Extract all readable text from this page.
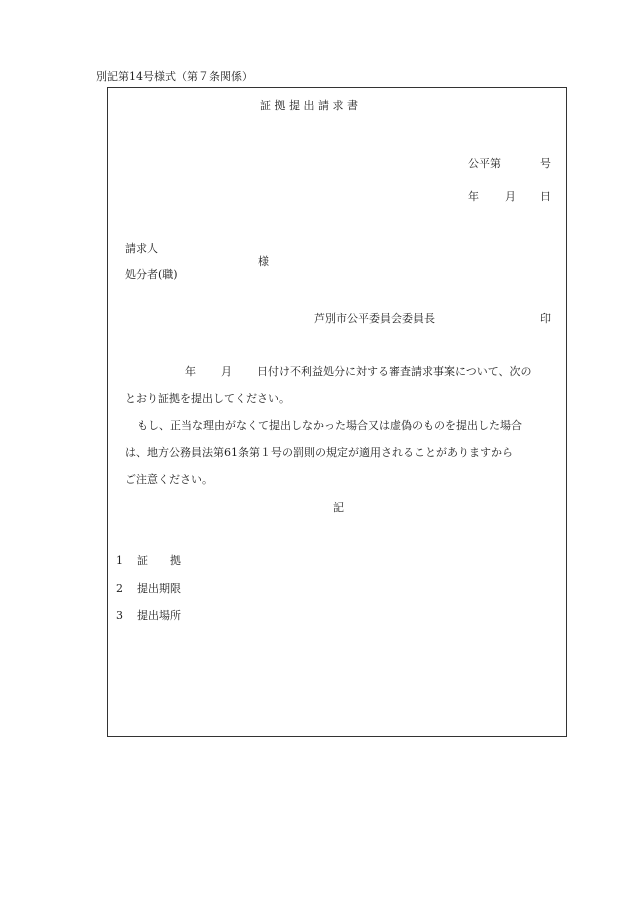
別記第14号様式（第７条関係）
証 拠 提 出 請 求 書
公平第	号
年 月 日
請求人
様
処分者(職)
芦別市公平委員会委員長	印
年 月 日付け不利益処分に対する審査請求事案について、次の
とおり証拠を提出してください。
もし、正当な理由がなくて提出しなかった場合又は虚偽のものを提出した場合
は、地方公務員法第61条第１号の罰則の規定が適用されることがありますから
ご注意ください。
記
1 証　　拠
2 提出期限
3 提出場所
